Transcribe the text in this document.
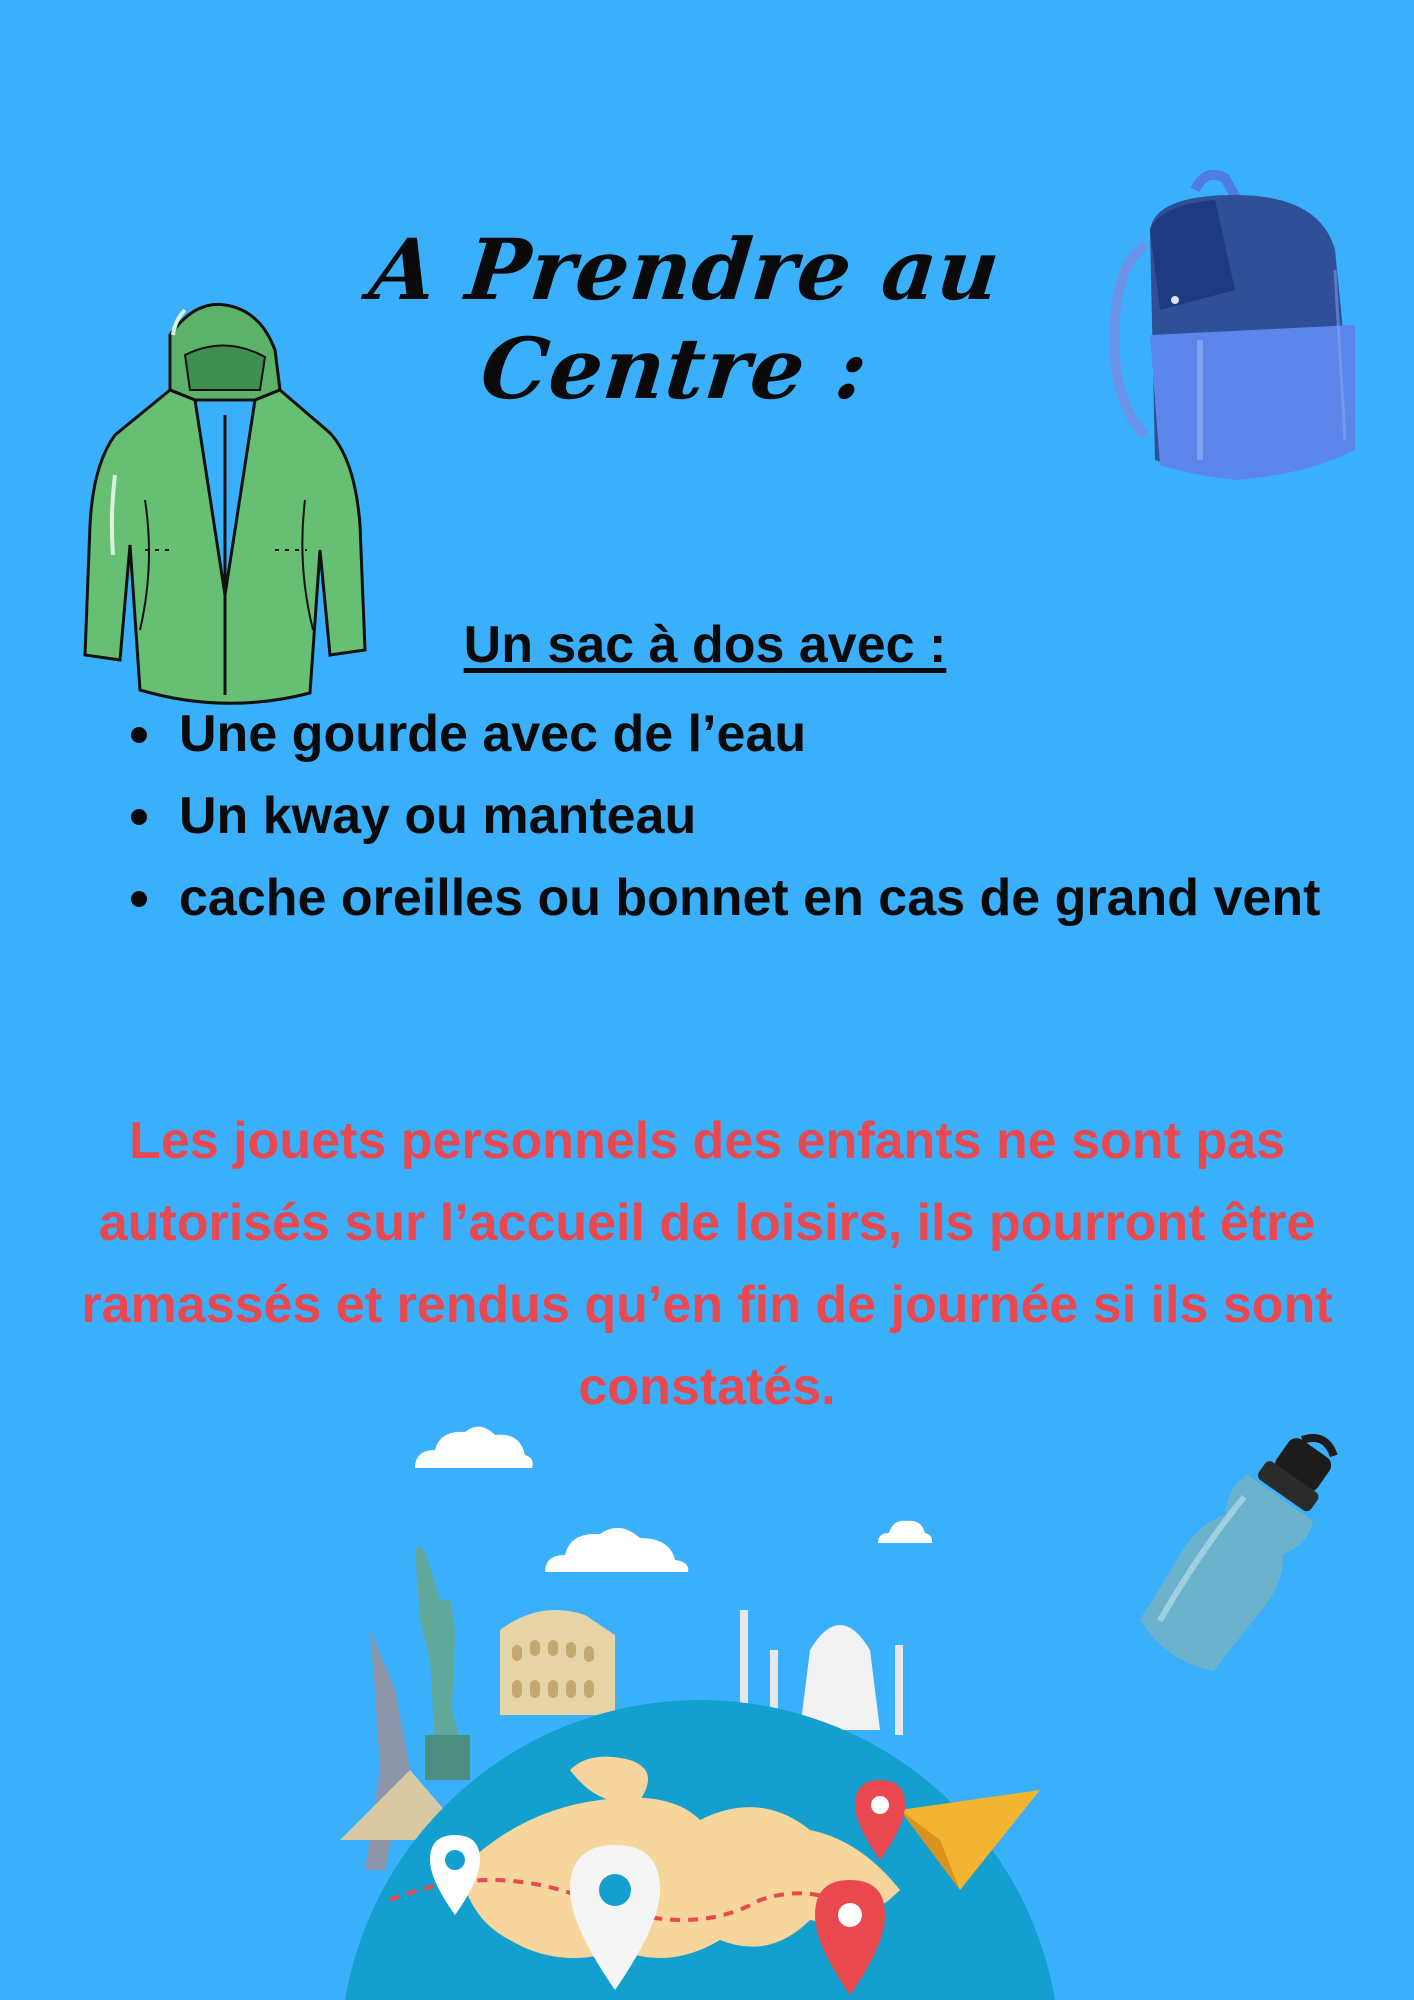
A Prendre au Centre :
Un sac à dos avec :
Une gourde avec de l’eau
Un kway ou manteau
cache oreilles ou bonnet en cas de grand vent

Les jouets personnels des enfants ne sont pas
autorisés sur l’accueil de loisirs, ils pourront être
ramassés et rendus qu’en fin de journée si ils sont
constatés.
